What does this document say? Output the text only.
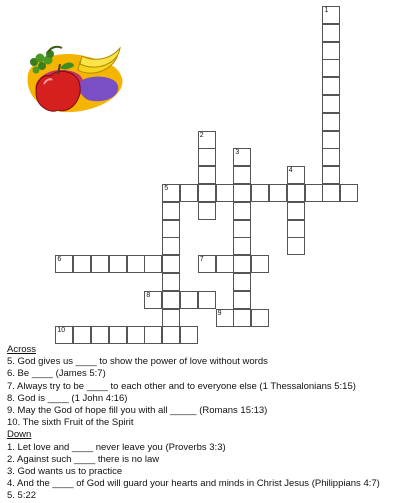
1
2
3
4
5
6	7
8
9
10
Across
5. God gives us ____ to show the power of love without words
6. Be ____ (James 5:7)
7. Always try to be ____ to each other and to everyone else (1 Thessalonians 5:15)
8. God is ____ (1 John 4:16)
9. May the God of hope fill you with all _____ (Romans 15:13)
10. The sixth Fruit of the Spirit
Down
1. Let love and ____ never leave you (Proverbs 3:3)
2. Against such ____ there is no law
3. God wants us to practice
4. And the ____ of God will guard your hearts and minds in Christ Jesus (Philippians 4:7)
5. 5:22
